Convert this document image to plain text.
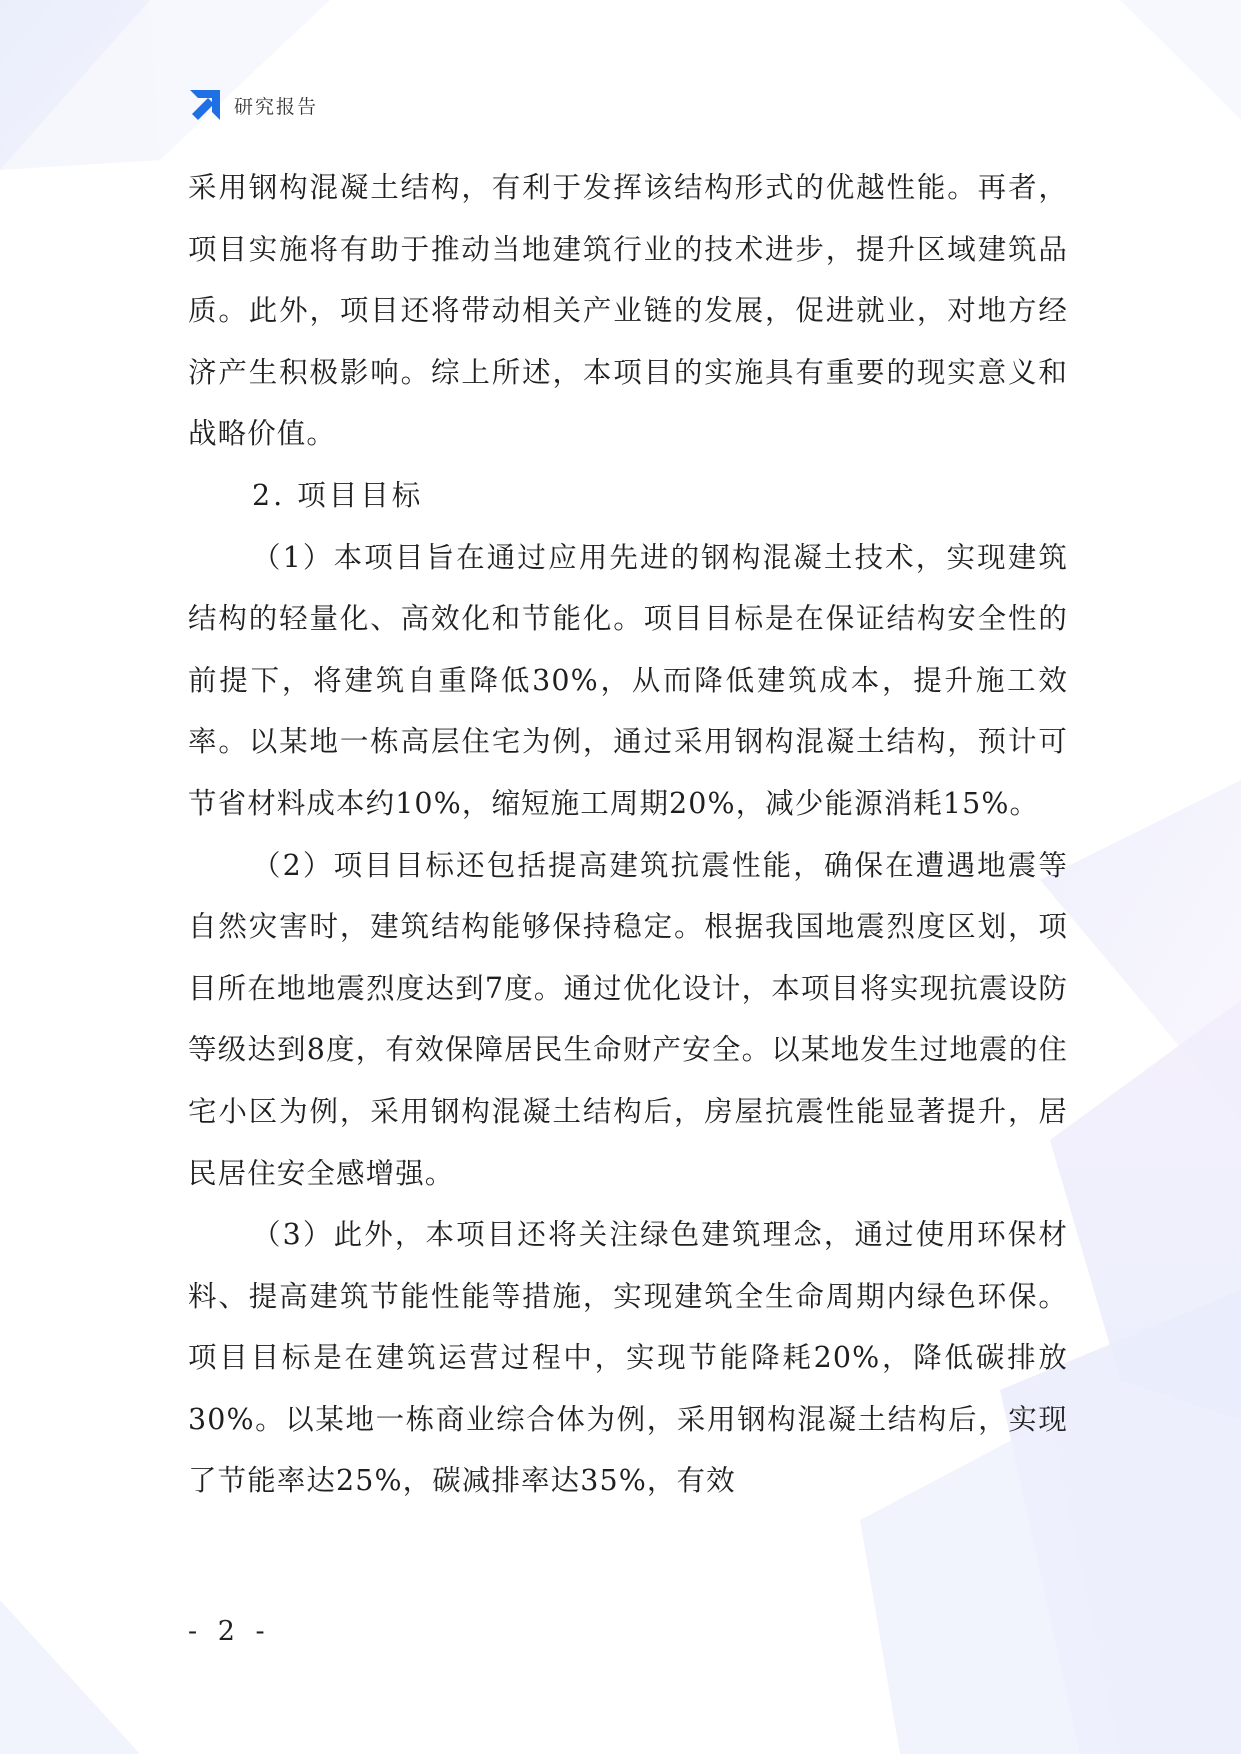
研究报告

采用钢构混凝土结构，有利于发挥该结构形式的优越性能。再者，项目实施将有助于推动当地建筑行业的技术进步，提升区域建筑品质。此外，项目还将带动相关产业链的发展，促进就业，对地方经济产生积极影响。综上所述，本项目的实施具有重要的现实意义和战略价值。

2. 项目目标

（1）本项目旨在通过应用先进的钢构混凝土技术，实现建筑结构的轻量化、高效化和节能化。项目目标是在保证结构安全性的前提下，将建筑自重降低30%，从而降低建筑成本，提升施工效率。以某地一栋高层住宅为例，通过采用钢构混凝土结构，预计可节省材料成本约10%，缩短施工周期20%，减少能源消耗15%。

（2）项目目标还包括提高建筑抗震性能，确保在遭遇地震等自然灾害时，建筑结构能够保持稳定。根据我国地震烈度区划，项目所在地地震烈度达到7度。通过优化设计，本项目将实现抗震设防等级达到8度，有效保障居民生命财产安全。以某地发生过地震的住宅小区为例，采用钢构混凝土结构后，房屋抗震性能显著提升，居民居住安全感增强。

（3）此外，本项目还将关注绿色建筑理念，通过使用环保材料、提高建筑节能性能等措施，实现建筑全生命周期内绿色环保。项目目标是在建筑运营过程中，实现节能降耗20%，降低碳排放30%。以某地一栋商业综合体为例，采用钢构混凝土结构后，实现了节能率达25%，碳减排率达35%，有效

- 2 -
